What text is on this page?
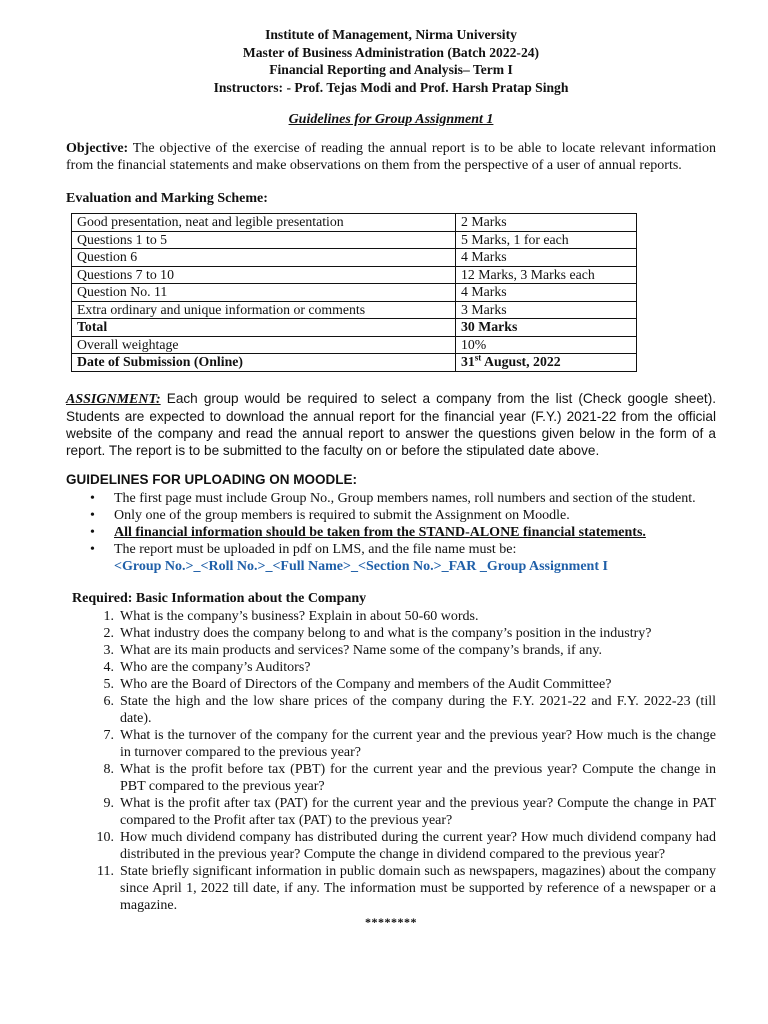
Institute of Management, Nirma University
Master of Business Administration (Batch 2022-24)
Financial Reporting and Analysis– Term I
Instructors: - Prof. Tejas Modi and Prof. Harsh Pratap Singh
Guidelines for Group Assignment 1
Objective: The objective of the exercise of reading the annual report is to be able to locate relevant information from the financial statements and make observations on them from the perspective of a user of annual reports.
Evaluation and Marking Scheme:
Good presentation, neat and legible presentation	2 Marks
Questions 1 to 5	5 Marks, 1 for each
Question 6	4 Marks
Questions 7 to 10	12 Marks, 3 Marks each
Question No. 11	4 Marks
Extra ordinary and unique information or comments	3 Marks
Total	30 Marks
Overall weightage	10%
Date of Submission (Online)	31st August, 2022
ASSIGNMENT: Each group would be required to select a company from the list (Check google sheet). Students are expected to download the annual report for the financial year (F.Y.) 2021-22 from the official website of the company and read the annual report to answer the questions given below in the form of a report. The report is to be submitted to the faculty on or before the stipulated date above.
GUIDELINES FOR UPLOADING ON MOODLE:
• The first page must include Group No., Group members names, roll numbers and section of the student.
• Only one of the group members is required to submit the Assignment on Moodle.
• All financial information should be taken from the STAND-ALONE financial statements.
• The report must be uploaded in pdf on LMS, and the file name must be:
<Group No.>_<Roll No.>_<Full Name>_<Section No.>_FAR _Group Assignment I
Required: Basic Information about the Company
1. What is the company’s business? Explain in about 50-60 words.
2. What industry does the company belong to and what is the company’s position in the industry?
3. What are its main products and services? Name some of the company’s brands, if any.
4. Who are the company’s Auditors?
5. Who are the Board of Directors of the Company and members of the Audit Committee?
6. State the high and the low share prices of the company during the F.Y. 2021-22 and F.Y. 2022-23 (till date).
7. What is the turnover of the company for the current year and the previous year? How much is the change in turnover compared to the previous year?
8. What is the profit before tax (PBT) for the current year and the previous year? Compute the change in PBT compared to the previous year?
9. What is the profit after tax (PAT) for the current year and the previous year? Compute the change in PAT compared to the Profit after tax (PAT) to the previous year?
10. How much dividend company has distributed during the current year? How much dividend company had distributed in the previous year? Compute the change in dividend compared to the previous year?
11. State briefly significant information in public domain such as newspapers, magazines) about the company since April 1, 2022 till date, if any. The information must be supported by reference of a newspaper or a magazine.
********
